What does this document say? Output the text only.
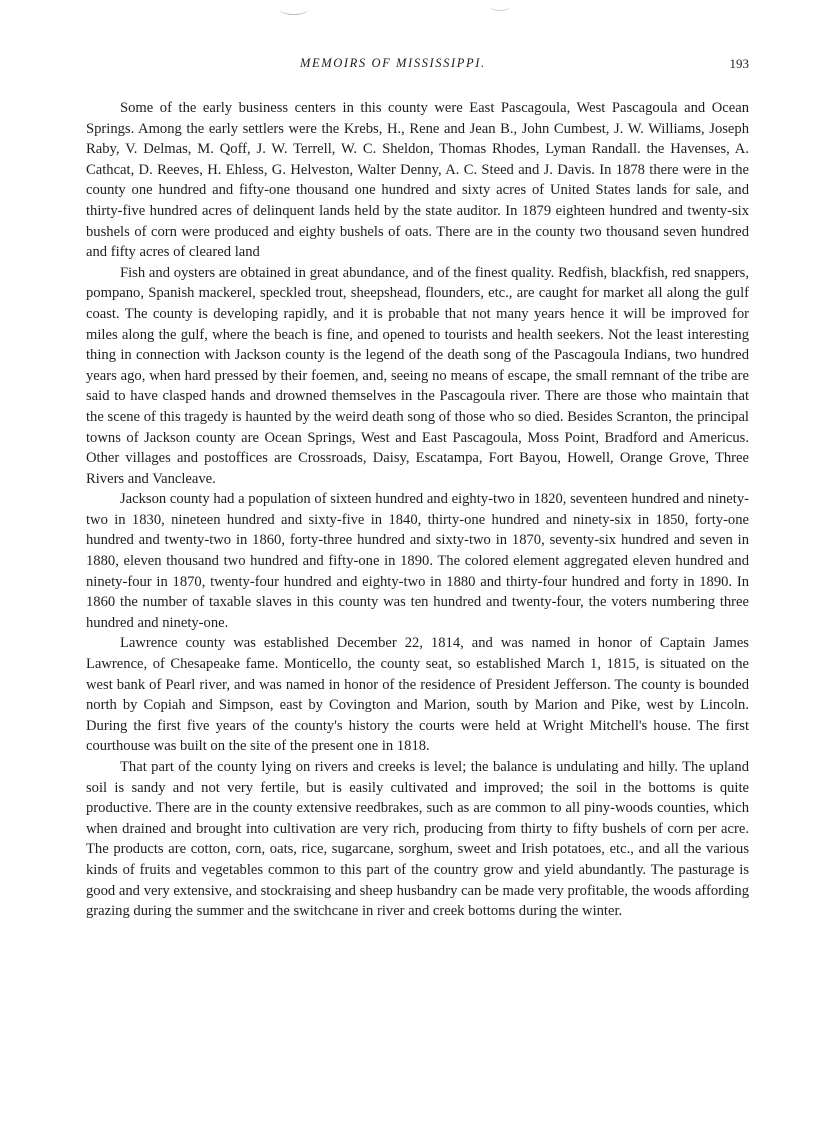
MEMOIRS OF MISSISSIPPI.	193

Some of the early business centers in this county were East Pascagoula, West Pascagoula and Ocean Springs. Among the early settlers were the Krebs, H., Rene and Jean B., John Cumbest, J. W. Williams, Joseph Raby, V. Delmas, M. Qoff, J. W. Terrell, W. C. Sheldon, Thomas Rhodes, Lyman Randall. the Havenses, A. Cathcat, D. Reeves, H. Ehless, G. Helveston, Walter Denny, A. C. Steed and J. Davis. In 1878 there were in the county one hundred and fifty-one thousand one hundred and sixty acres of United States lands for sale, and thirty-five hundred acres of delinquent lands held by the state auditor. In 1879 eighteen hundred and twenty-six bushels of corn were produced and eighty bushels of oats. There are in the county two thousand seven hundred and fifty acres of cleared land

Fish and oysters are obtained in great abundance, and of the finest quality. Redfish, blackfish, red snappers, pompano, Spanish mackerel, speckled trout, sheepshead, flounders, etc., are caught for market all along the gulf coast. The county is developing rapidly, and it is probable that not many years hence it will be improved for miles along the gulf, where the beach is fine, and opened to tourists and health seekers. Not the least interesting thing in connection with Jackson county is the legend of the death song of the Pascagoula Indians, two hundred years ago, when hard pressed by their foemen, and, seeing no means of escape, the small remnant of the tribe are said to have clasped hands and drowned themselves in the Pascagoula river. There are those who maintain that the scene of this tragedy is haunted by the weird death song of those who so died. Besides Scranton, the principal towns of Jackson county are Ocean Springs, West and East Pascagoula, Moss Point, Bradford and Americus. Other villages and postoffices are Crossroads, Daisy, Escatampa, Fort Bayou, Howell, Orange Grove, Three Rivers and Vancleave.

Jackson county had a population of sixteen hundred and eighty-two in 1820, seventeen hundred and ninety-two in 1830, nineteen hundred and sixty-five in 1840, thirty-one hundred and ninety-six in 1850, forty-one hundred and twenty-two in 1860, forty-three hundred and sixty-two in 1870, seventy-six hundred and seven in 1880, eleven thousand two hundred and fifty-one in 1890. The colored element aggregated eleven hundred and ninety-four in 1870, twenty-four hundred and eighty-two in 1880 and thirty-four hundred and forty in 1890. In 1860 the number of taxable slaves in this county was ten hundred and twenty-four, the voters numbering three hundred and ninety-one.

Lawrence county was established December 22, 1814, and was named in honor of Captain James Lawrence, of Chesapeake fame. Monticello, the county seat, so established March 1, 1815, is situated on the west bank of Pearl river, and was named in honor of the residence of President Jefferson. The county is bounded north by Copiah and Simpson, east by Covington and Marion, south by Marion and Pike, west by Lincoln. During the first five years of the county's history the courts were held at Wright Mitchell's house. The first courthouse was built on the site of the present one in 1818.

That part of the county lying on rivers and creeks is level; the balance is undulating and hilly. The upland soil is sandy and not very fertile, but is easily cultivated and improved; the soil in the bottoms is quite productive. There are in the county extensive reedbrakes, such as are common to all piny-woods counties, which when drained and brought into cultivation are very rich, producing from thirty to fifty bushels of corn per acre. The products are cotton, corn, oats, rice, sugarcane, sorghum, sweet and Irish potatoes, etc., and all the various kinds of fruits and vegetables common to this part of the country grow and yield abundantly. The pasturage is good and very extensive, and stockraising and sheep husbandry can be made very profitable, the woods affording grazing during the summer and the switchcane in river and creek bottoms during the winter.
